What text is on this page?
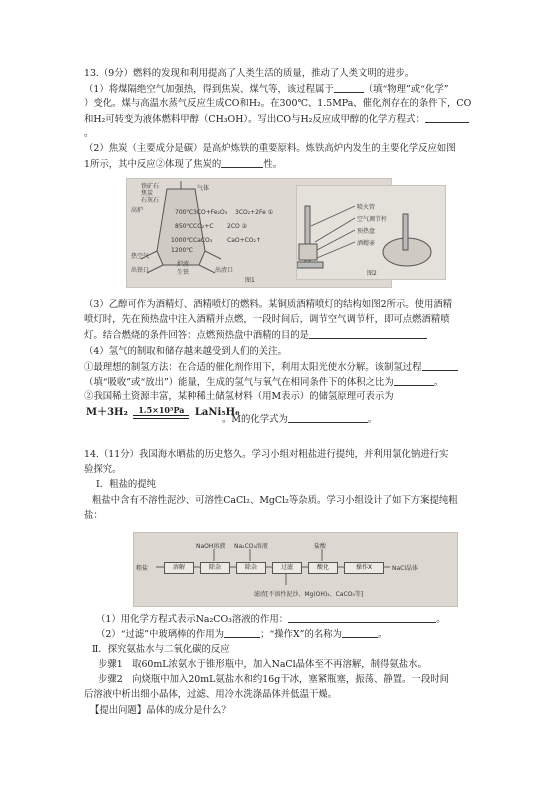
13.（9分）燃料的发现和利用提高了人类生活的质量，推动了人类文明的进步。
（1）将煤隔绝空气加强热，得到焦炭、煤气等，该过程属于	（填“物理”或“化学”
）变化。煤与高温水蒸气反应生成CO和H₂。在300℃、1.5MPa、催化剂存在的条件下，CO
和H₂可转变为液体燃料甲醇（CH₃OH）。写出CO与H₂反应成甲醇的化学方程式：
。
（2）焦炭（主要成分是碳）是高炉炼铁的重要原料。炼铁高炉内发生的主要化学反应如图
1所示，其中反应②体现了焦炭的	性。
铁矿石
焦炭
石灰石
高炉
气体
700℃
850℃
1000℃
1200℃
热空气
出铁口	出渣口
生铁
炉渣
3CO+Fe₂O₃ 3CO₂+2Fe ①
CO₂+C 2CO ②
CaCO₃ CaO+CO₂↑
图1
喷火管
空气调节杆
预热盘
酒精壶
图2
（3）乙醇可作为酒精灯、酒精喷灯的燃料。某铜质酒精喷灯的结构如图2所示。使用酒精
喷灯时，先在预热盘中注入酒精并点燃，一段时间后，调节空气调节杆，即可点燃酒精喷
灯。结合燃烧的条件回答：点燃预热盘中酒精的目的是
（4）氢气的制取和储存越来越受到人们的关注。
①最理想的制氢方法：在合适的催化剂作用下，利用太阳光使水分解。该制氢过程
（填“吸收”或“放出”）能量，生成的氢气与氧气在相同条件下的体积之比为	。
②我国稀土资源丰富，某种稀土储氢材料（用M表示）的储氢原理可表示为
M＋3H₂	1.5×10⁵Pa	LaNi₅H₆
。M的化学式为	。
14.（11分）我国海水晒盐的历史悠久。学习小组对粗盐进行提纯，并利用氯化钠进行实
验探究。
Ⅰ．粗盐的提纯
粗盐中含有不溶性泥沙、可溶性CaCl₂、MgCl₂等杂质。学习小组设计了如下方案提纯粗
盐：
粗盐	溶解	除杂	除杂	过滤	酸化	操作X	NaCl晶体
NaOH溶液 Na₂CO₃溶液	盐酸
滤渣[不溶性泥沙、Mg(OH)₂、CaCO₃等]
（1）用化学方程式表示Na₂CO₃溶液的作用：	。
（2）“过滤”中玻璃棒的作用为	；“操作X”的名称为	。
Ⅱ．探究氨盐水与二氧化碳的反应
步骤1　取60mL浓氨水于锥形瓶中，加入NaCl晶体至不再溶解，制得氨盐水。
步骤2　向烧瓶中加入20mL氨盐水和约16g干冰，塞紧瓶塞，振荡、静置。一段时间
后溶液中析出细小晶体，过滤、用冷水洗涤晶体并低温干燥。
【提出问题】晶体的成分是什么？
